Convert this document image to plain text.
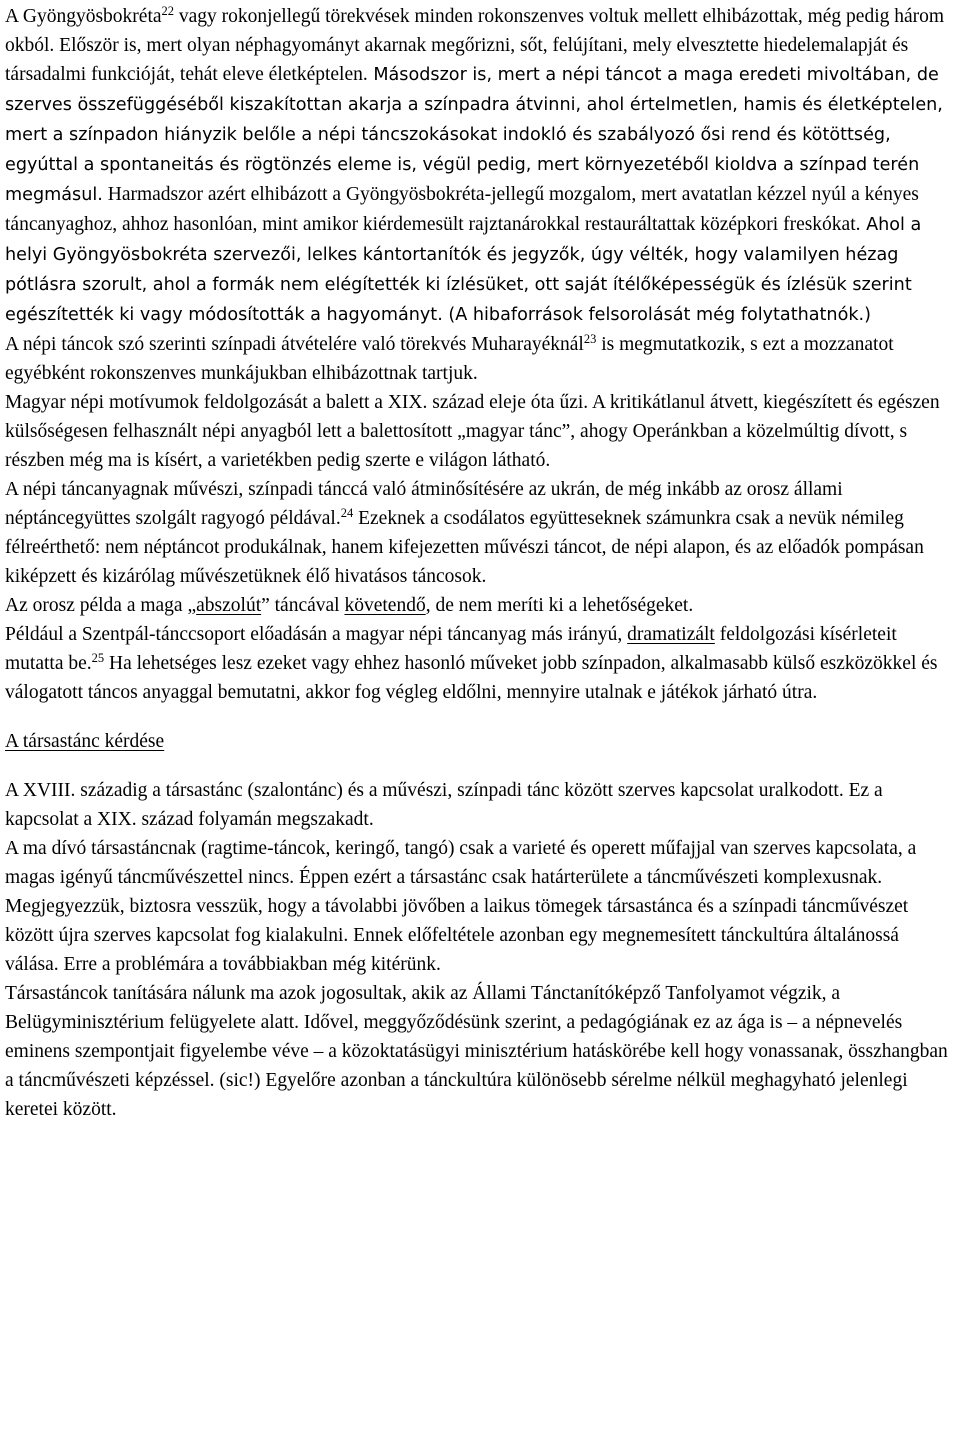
A Gyöngyösbokréta$^{22}$ vagy rokonjellegű törekvések minden rokonszenves voltuk mellett elhibázottak, még pedig három okból. Először is, mert olyan néphagyományt akarnak megőrizni, sőt, felújítani, mely elvesztette hiedelemalapját és társadalmi funkcióját, tehát eleve életképtelen. Másodszor is, mert a népi táncot a maga eredeti mivoltában, de szerves összefüggéséből kiszakítottan akarja a színpadra átvinni, ahol értelmetlen, hamis és életképtelen, mert a színpadon hiányzik belőle a népi táncszokásokat indokló és szabályozó ősi rend és kötöttség, egyúttal a spontaneitás és rögtönzés eleme is, végül pedig, mert környezetéből kioldva a színpad terén megmásul. Harmadszor azért elhibázott a Gyöngyösbokréta-jellegű mozgalom, mert avatatlan kézzel nyúl a kényes táncanyaghoz, ahhoz hasonlóan, mint amikor kiérdemesült rajztanárokkal restauráltattak középkori freskókat. Ahol a helyi Gyöngyösbokréta szervezői, lelkes kántortanítók és jegyzők, úgy vélték, hogy valamilyen hézag pótlásra szorult, ahol a formák nem elégítették ki ízlésüket, ott saját ítélőképességük és ízlésük szerint egészítették ki vagy módosították a hagyományt. (A hibaforrások felsorolását még folytathatnók.)

A népi táncok szó szerinti színpadi átvételére való törekvés Muharayéknál$^{23}$ is megmutatkozik, s ezt a mozzanatot egyébként rokonszenves munkájukban elhibázottnak tartjuk.

Magyar népi motívumok feldolgozását a balett a XIX. század eleje óta űzi. A kritikátlanul átvett, kiegészített és egészen külsőségesen felhasznált népi anyagból lett a balettosított „magyar tánc”, ahogy Operánkban a közelmúltig dívott, s részben még ma is kísért, a varietékben pedig szerte e világon látható.

A népi táncanyagnak művészi, színpadi tánccá való átminősítésére az ukrán, de még inkább az orosz állami néptáncegyüttes szolgált ragyogó példával.$^{24}$ Ezeknek a csodálatos együtteseknek számunkra csak a nevük némileg félreérthető: nem néptáncot produkálnak, hanem kifejezetten művészi táncot, de népi alapon, és az előadók pompásan kiképzett és kizárólag művészetüknek élő hivatásos táncosok.

Az orosz példa a maga „abszolút” táncával követendő, de nem meríti ki a lehetőségeket.

Például a Szentpál-tánccsoport előadásán a magyar népi táncanyag más irányú, dramatizált feldolgozási kísérleteit mutatta be.$^{25}$ Ha lehetséges lesz ezeket vagy ehhez hasonló műveket jobb színpadon, alkalmasabb külső eszközökkel és válogatott táncos anyaggal bemutatni, akkor fog végleg eldőlni, mennyire utalnak e játékok járható útra.

A társastánc kérdése

A XVIII. századig a társastánc (szalontánc) és a művészi, színpadi tánc között szerves kapcsolat uralkodott. Ez a kapcsolat a XIX. század folyamán megszakadt.

A ma dívó társastáncnak (ragtime-táncok, keringő, tangó) csak a varieté és operett műfajjal van szerves kapcsolata, a magas igényű táncművészettel nincs. Éppen ezért a társastánc csak határterülete a táncművészeti komplexusnak.

Megjegyezzük, biztosra vesszük, hogy a távolabbi jövőben a laikus tömegek társastánca és a színpadi táncművészet között újra szerves kapcsolat fog kialakulni. Ennek előfeltétele azonban egy megnemesített tánckultúra általánossá válása. Erre a problémára a továbbiakban még kitérünk.

Társastáncok tanítására nálunk ma azok jogosultak, akik az Állami Tánctanítóképző Tanfolyamot végzik, a Belügyminisztérium felügyelete alatt. Idővel, meggyőződésünk szerint, a pedagógiának ez az ága is – a népnevelés eminens szempontjait figyelembe véve – a közoktatásügyi minisztérium hatáskörébe kell hogy vonassanak, összhangban a táncművészeti képzéssel. (sic!) Egyelőre azonban a tánckultúra különösebb sérelme nélkül meghagyható jelenlegi keretei között.
